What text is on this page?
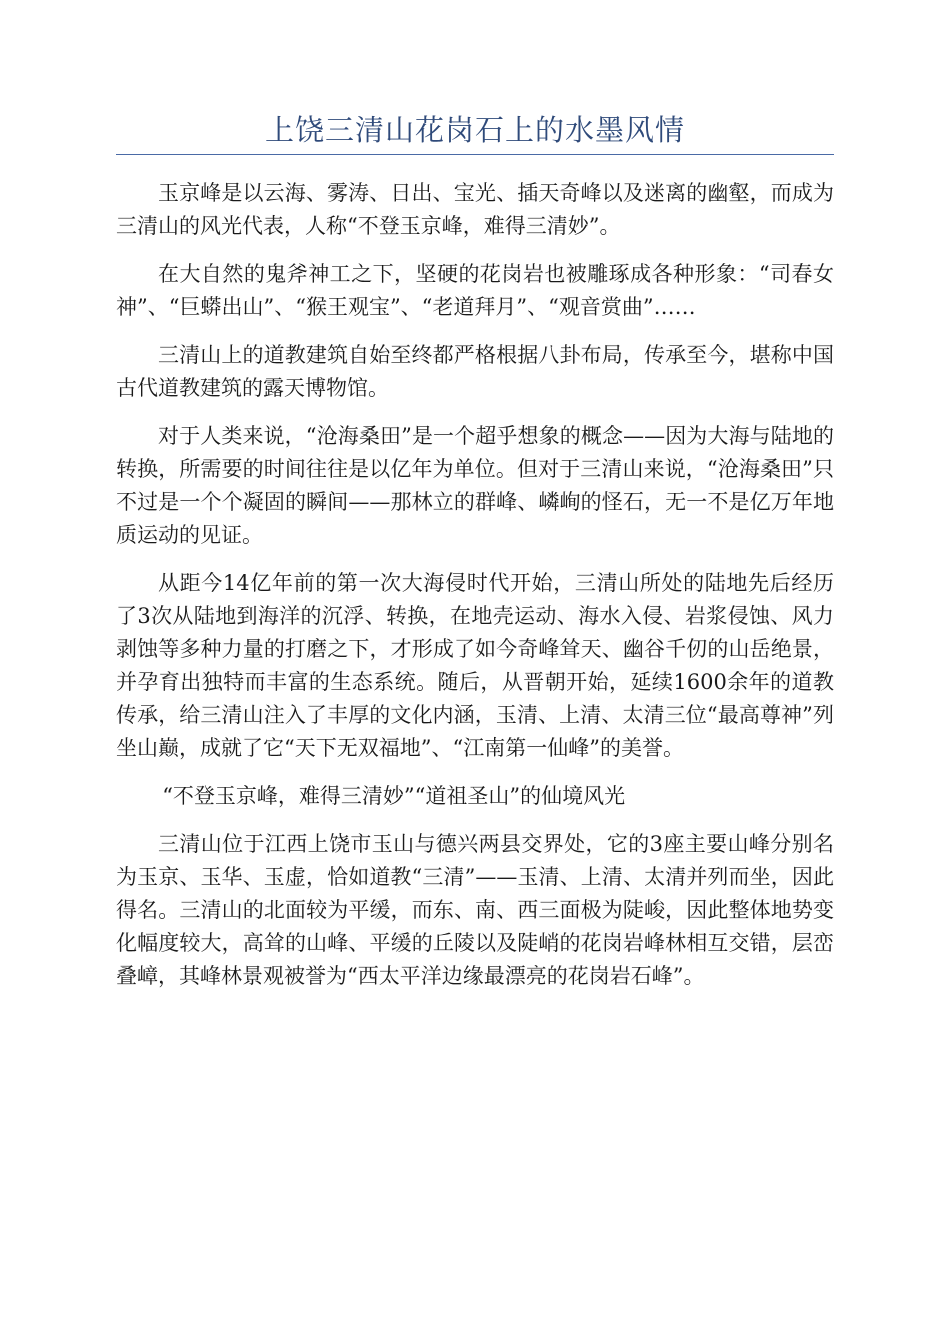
上饶三清山花岗石上的水墨风情

玉京峰是以云海、雾涛、日出、宝光、插天奇峰以及迷离的幽壑，而成为三清山的风光代表，人称“不登玉京峰，难得三清妙”。

在大自然的鬼斧神工之下，坚硬的花岗岩也被雕琢成各种形象：“司春女神”、“巨蟒出山”、“猴王观宝”、“老道拜月”、“观音赏曲”……

三清山上的道教建筑自始至终都严格根据八卦布局，传承至今，堪称中国古代道教建筑的露天博物馆。

对于人类来说，“沧海桑田”是一个超乎想象的概念——因为大海与陆地的转换，所需要的时间往往是以亿年为单位。但对于三清山来说，“沧海桑田”只不过是一个个凝固的瞬间——那林立的群峰、嶙峋的怪石，无一不是亿万年地质运动的见证。

从距今14亿年前的第一次大海侵时代开始，三清山所处的陆地先后经历了3次从陆地到海洋的沉浮、转换，在地壳运动、海水入侵、岩浆侵蚀、风力剥蚀等多种力量的打磨之下，才形成了如今奇峰耸天、幽谷千仞的山岳绝景，并孕育出独特而丰富的生态系统。随后，从晋朝开始，延续1600余年的道教传承，给三清山注入了丰厚的文化内涵，玉清、上清、太清三位“最高尊神”列坐山巅，成就了它“天下无双福地”、“江南第一仙峰”的美誉。

“不登玉京峰，难得三清妙”“道祖圣山”的仙境风光

三清山位于江西上饶市玉山与德兴两县交界处，它的3座主要山峰分别名为玉京、玉华、玉虚，恰如道教“三清”——玉清、上清、太清并列而坐，因此得名。三清山的北面较为平缓，而东、南、西三面极为陡峻，因此整体地势变化幅度较大，高耸的山峰、平缓的丘陵以及陡峭的花岗岩峰林相互交错，层峦叠嶂，其峰林景观被誉为“西太平洋边缘最漂亮的花岗岩石峰”。
